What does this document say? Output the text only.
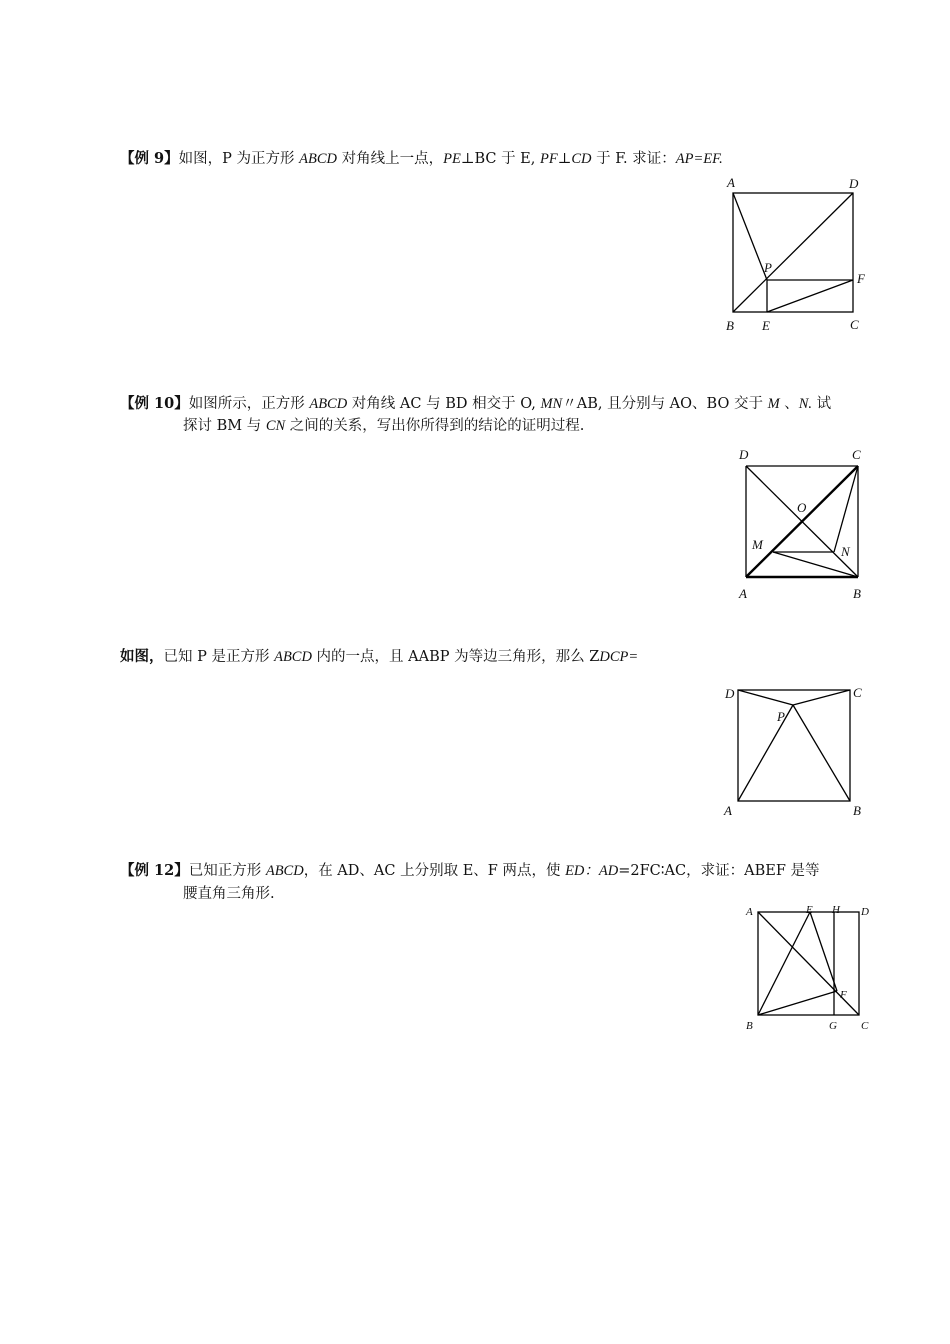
【例 9】如图，P 为正方形 ABCD 对角线上一点，PE⊥BC 于 E, PF⊥CD 于 F. 求证：AP=EF.
A	D
P
F
B E	C
【例 10】如图所示，正方形 ABCD 对角线 AC 与 BD 相交于 O, MN〃AB, 且分别与 AO、BO 交于 M 、N. 试
探讨 BM 与 CN 之间的关系，写出你所得到的结论的证明过程.
D	C
O
M	N
A	B
如图，已知 P 是正方形 ABCD 内的一点，且 AABP 为等边三角形，那么 ZDCP=
D	C
P
A	B
【例 12】已知正方形 ABCD，在 AD、AC 上分别取 E、F 两点，使 ED：AD=2FC∶AC，求证：ABEF 是等
腰直角三角形.
A	E H D
F
B	G C
